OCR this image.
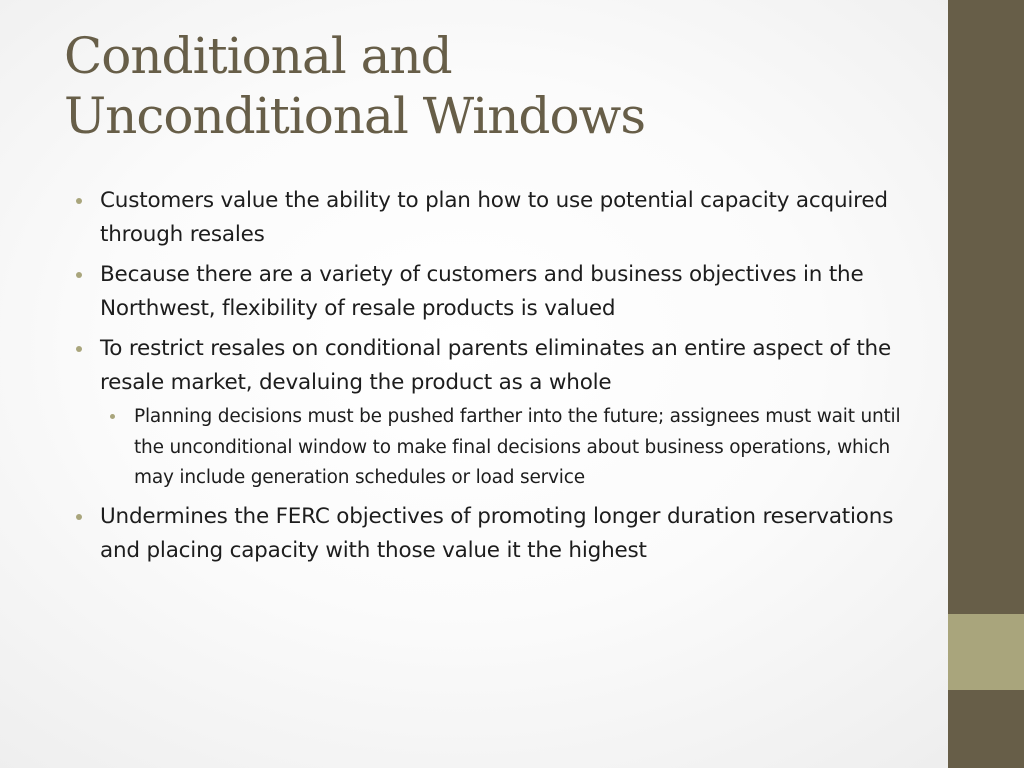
Conditional and
Unconditional Windows
Customers value the ability to plan how to use potential capacity acquired through resales
Because there are a variety of customers and business objectives in the Northwest, flexibility of resale products is valued
To restrict resales on conditional parents eliminates an entire aspect of the resale market, devaluing the product as a whole
Planning decisions must be pushed farther into the future; assignees must wait until the unconditional window to make final decisions about business operations, which may include generation schedules or load service
Undermines the FERC objectives of promoting longer duration reservations and placing capacity with those value it the highest
